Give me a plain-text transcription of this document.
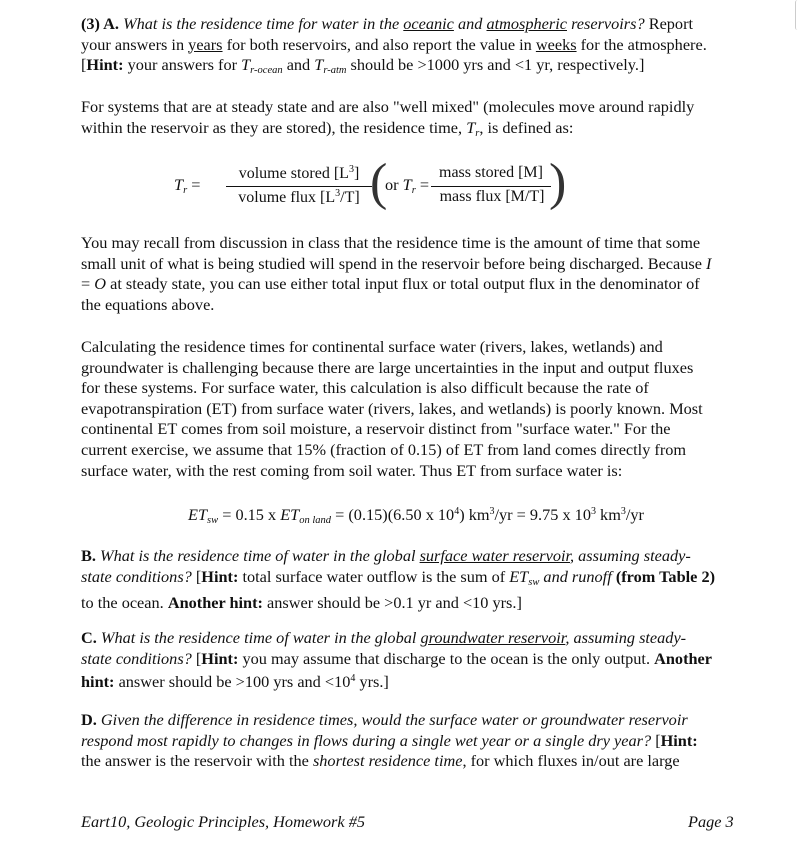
(3) A. What is the residence time for water in the oceanic and atmospheric reservoirs? Report
your answers in years for both reservoirs, and also report the value in weeks for the atmosphere.
[Hint: your answers for $T_{r-ocean}$ and $T_{r-atm}$ should be >1000 yrs and <1 yr, respectively.]
For systems that are at steady state and are also "well mixed" (molecules move around rapidly
within the reservoir as they are stored), the residence time, $T_r$, is defined as:
$T_r$ =
volume stored $[L^3]$
volume flux $[L^3/T]$ (
or $T_r$ =
mass stored [M]
mass flux [M/T] )
You may recall from discussion in class that the residence time is the amount of time that some
small unit of what is being studied will spend in the reservoir before being discharged. Because I
= O at steady state, you can use either total input flux or total output flux in the denominator of
the equations above.
Calculating the residence times for continental surface water (rivers, lakes, wetlands) and
groundwater is challenging because there are large uncertainties in the input and output fluxes
for these systems. For surface water, this calculation is also difficult because the rate of
evapotranspiration (ET) from surface water (rivers, lakes, and wetlands) is poorly known. Most
continental ET comes from soil moisture, a reservoir distinct from "surface water." For the
current exercise, we assume that 15% (fraction of 0.15) of ET from land comes directly from
surface water, with the rest coming from soil water. Thus ET from surface water is:
$ET_{sw} = 0.15$ x $ET_{on land} = (0.15)(6.50$ x $10^4$) $km^3/yr = 9.75$ x $10^3$ $km^3/yr$
B. What is the residence time of water in the global surface water reservoir, assuming steady-
state conditions? [Hint: total surface water outflow is the sum of $ET_{sw}$ and runoff (from Table 2)
to the ocean. Another hint: answer should be >0.1 yr and <10 yrs.]
C. What is the residence time of water in the global groundwater reservoir, assuming steady-
state conditions? [Hint: you may assume that discharge to the ocean is the only output. Another
hint: answer should be >100 yrs and $<10^4$ yrs.]
D. Given the difference in residence times, would the surface water or groundwater reservoir
respond most rapidly to changes in flows during a single wet year or a single dry year? [Hint:
the answer is the reservoir with the shortest residence time, for which fluxes in/out are large
Eart10, Geologic Principles, Homework #5	Page 3
